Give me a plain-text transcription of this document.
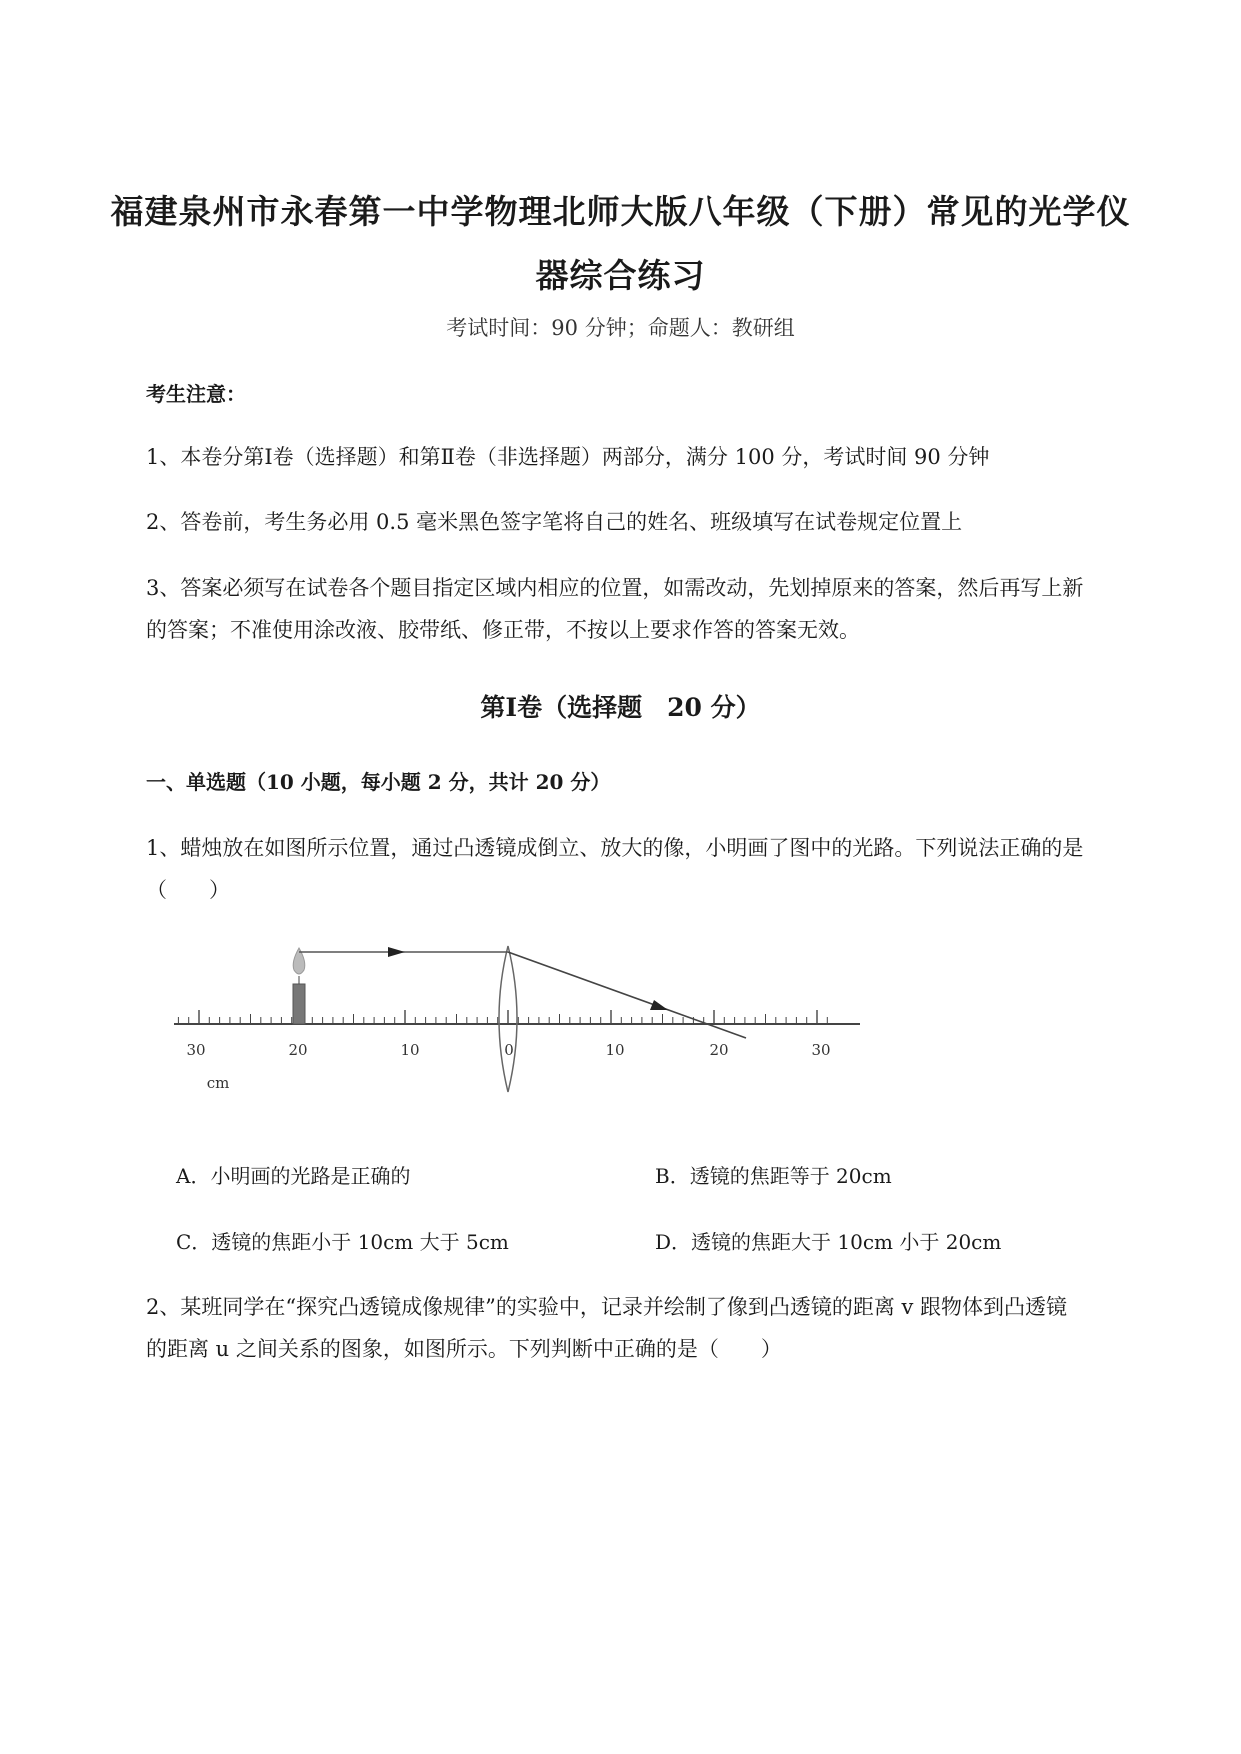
福建泉州市永春第一中学物理北师大版八年级（下册）常见的光学仪
器综合练习
考试时间：90 分钟；命题人：教研组
考生注意：
1、本卷分第Ⅰ卷（选择题）和第Ⅱ卷（非选择题）两部分，满分 100 分，考试时间 90 分钟
2、答卷前，考生务必用 0.5 毫米黑色签字笔将自己的姓名、班级填写在试卷规定位置上
3、答案必须写在试卷各个题目指定区域内相应的位置，如需改动，先划掉原来的答案，然后再写上新
的答案；不准使用涂改液、胶带纸、修正带，不按以上要求作答的答案无效。
第Ⅰ卷（选择题　20 分）
一、单选题（10 小题，每小题 2 分，共计 20 分）
1、蜡烛放在如图所示位置，通过凸透镜成倒立、放大的像，小明画了图中的光路。下列说法正确的是
（　　）
30	20	10	0	10	20	30
cm
A．小明画的光路是正确的	B．透镜的焦距等于 20cm
C．透镜的焦距小于 10cm 大于 5cm	D．透镜的焦距大于 10cm 小于 20cm
2、某班同学在“探究凸透镜成像规律”的实验中，记录并绘制了像到凸透镜的距离 v 跟物体到凸透镜
的距离 u 之间关系的图象，如图所示。下列判断中正确的是（　　）
